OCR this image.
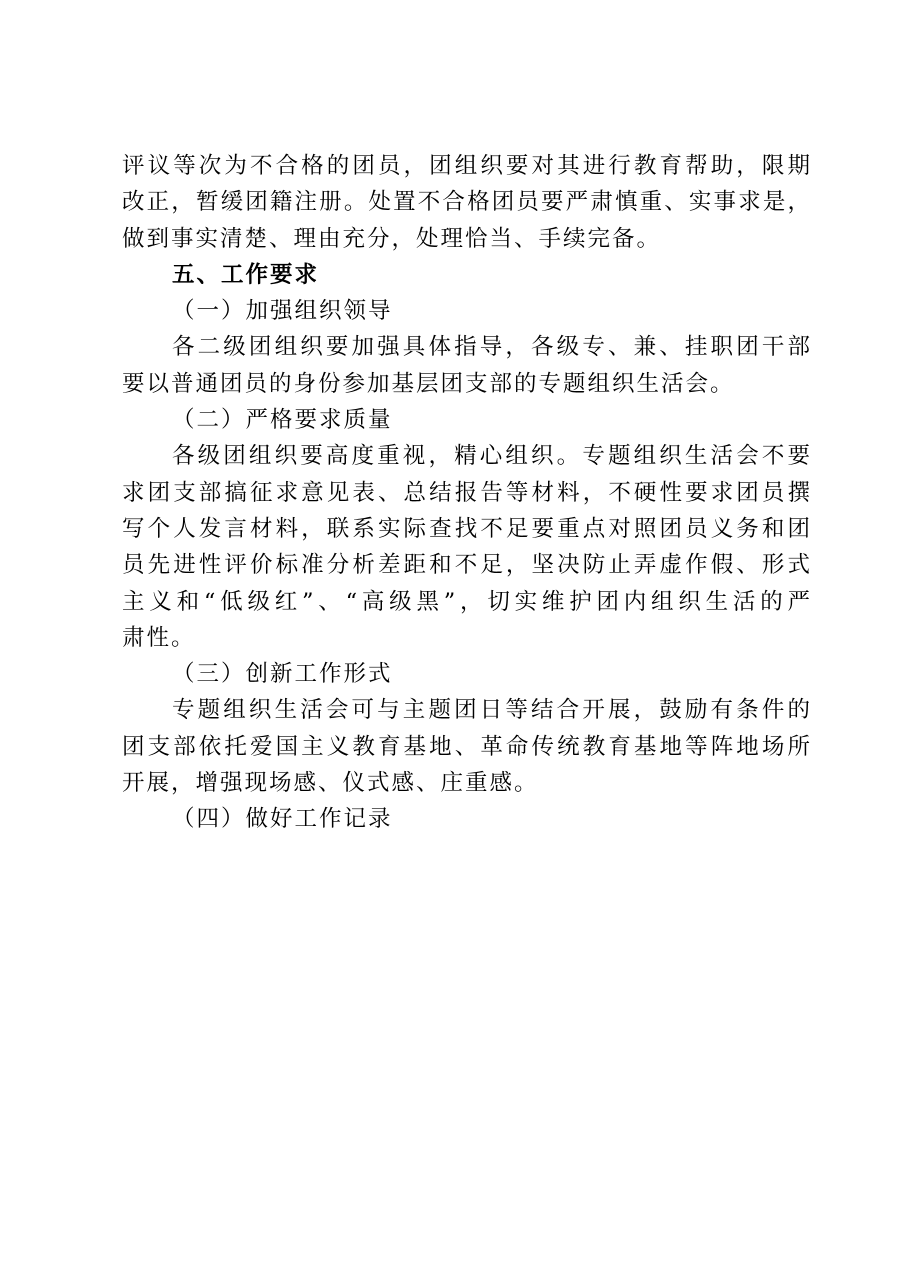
评议等次为不合格的团员，团组织要对其进行教育帮助，限期
改正，暂缓团籍注册。处置不合格团员要严肃慎重、实事求是，
做到事实清楚、理由充分，处理恰当、手续完备。
五、工作要求
（一）加强组织领导
各二级团组织要加强具体指导，各级专、兼、挂职团干部
要以普通团员的身份参加基层团支部的专题组织生活会。
（二）严格要求质量
各级团组织要高度重视，精心组织。专题组织生活会不要
求团支部搞征求意见表、总结报告等材料，不硬性要求团员撰
写个人发言材料，联系实际查找不足要重点对照团员义务和团
员先进性评价标准分析差距和不足，坚决防止弄虚作假、形式
主义和“低级红”、“高级黑”，切实维护团内组织生活的严
肃性。
（三）创新工作形式
专题组织生活会可与主题团日等结合开展，鼓励有条件的
团支部依托爱国主义教育基地、革命传统教育基地等阵地场所
开展，增强现场感、仪式感、庄重感。
（四）做好工作记录
